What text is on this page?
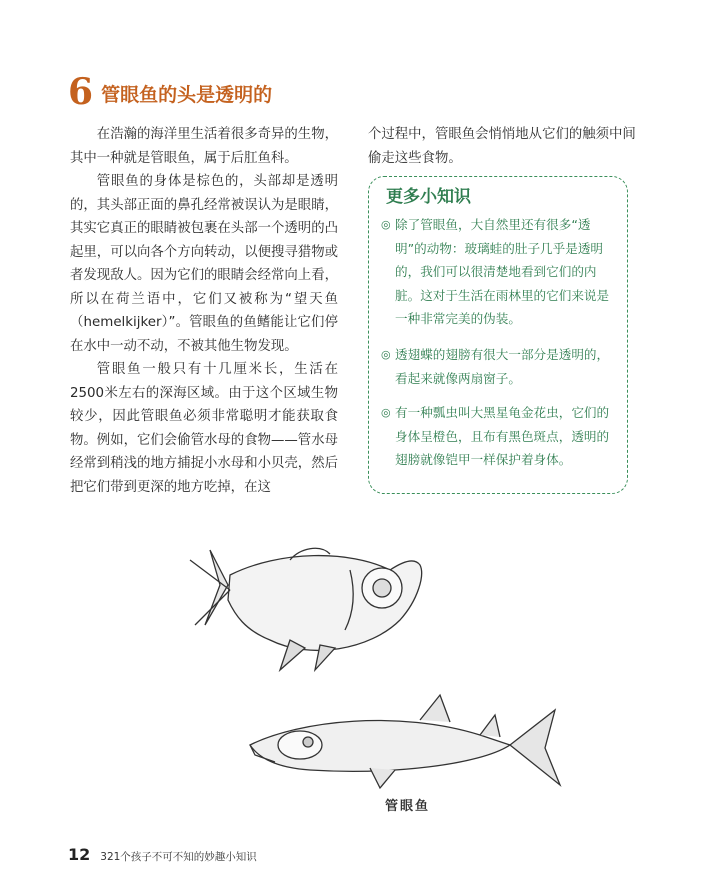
6 管眼鱼的头是透明的

在浩瀚的海洋里生活着很多奇异的生物，其中一种就是管眼鱼，属于后肛鱼科。

管眼鱼的身体是棕色的，头部却是透明的，其头部正面的鼻孔经常被误认为是眼睛，其实它真正的眼睛被包裹在头部一个透明的凸起里，可以向各个方向转动，以便搜寻猎物或者发现敌人。因为它们的眼睛会经常向上看，所以在荷兰语中，它们又被称为“望天鱼（hemelkijker）”。管眼鱼的鱼鳍能让它们停在水中一动不动，不被其他生物发现。

管眼鱼一般只有十几厘米长，生活在2500米左右的深海区域。由于这个区域生物较少，因此管眼鱼必须非常聪明才能获取食物。例如，它们会偷管水母的食物——管水母经常到稍浅的地方捕捉小水母和小贝壳，然后把它们带到更深的地方吃掉，在这

个过程中，管眼鱼会悄悄地从它们的触须中间偷走这些食物。
更多小知识
◎ 除了管眼鱼，大自然里还有很多“透明”的动物：玻璃蛙的肚子几乎是透明的，我们可以很清楚地看到它们的内脏。这对于生活在雨林里的它们来说是一种非常完美的伪装。
◎ 透翅蝶的翅膀有很大一部分是透明的，看起来就像两扇窗子。
◎ 有一种瓢虫叫大黑星龟金花虫，它们的身体呈橙色，且布有黑色斑点，透明的翅膀就像铠甲一样保护着身体。
管眼鱼
12 321个孩子不可不知的妙趣小知识
